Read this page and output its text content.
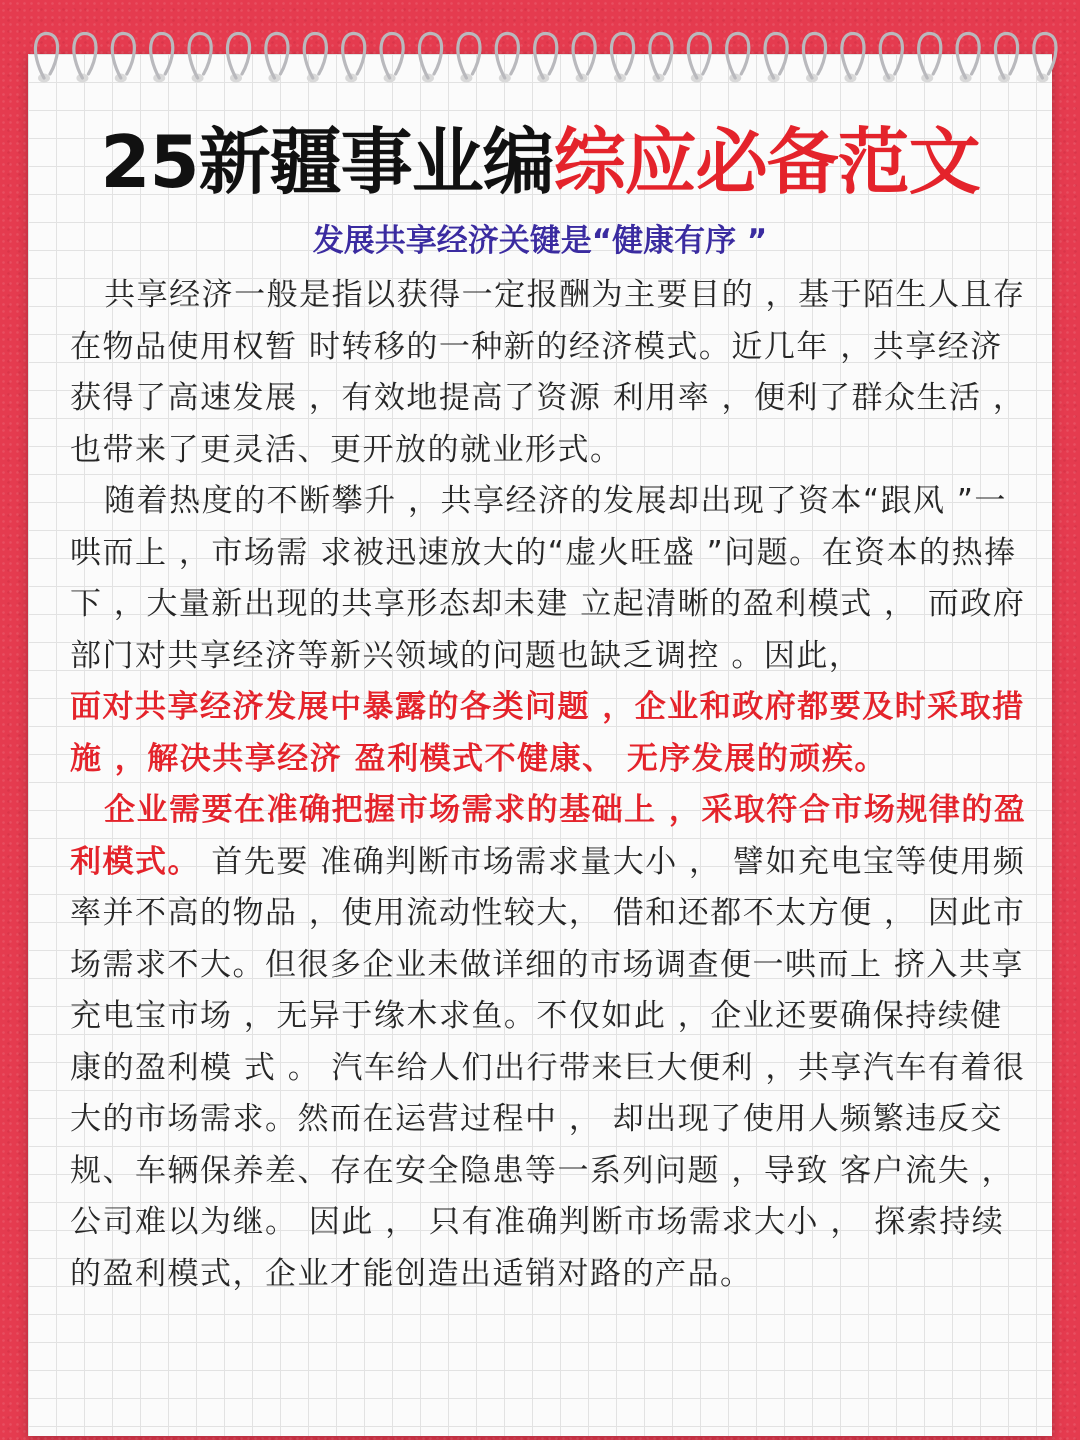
25新疆事业编综应必备范文
发展共享经济关键是“健康有序 ”

共享经济一般是指以获得一定报酬为主要目的 ，基于陌生人且存在物品使用权暂 时转移的一种新的经济模式。近几年 ，共享经济获得了高速发展 ，有效地提高了资源 利用率 ，便利了群众生活 ，也带来了更灵活、更开放的就业形式。

随着热度的不断攀升 ，共享经济的发展却出现了资本“跟风 ”一哄而上 ，市场需 求被迅速放大的“虚火旺盛 ”问题。在资本的热捧下 ，大量新出现的共享形态却未建 立起清晰的盈利模式 ， 而政府部门对共享经济等新兴领域的问题也缺乏调控 。因此，

面对共享经济发展中暴露的各类问题 ，企业和政府都要及时采取措施 ，解决共享经济 盈利模式不健康、 无序发展的顽疾。

企业需要在准确把握市场需求的基础上 ，采取符合市场规律的盈利模式。 首先要 准确判断市场需求量大小 ， 譬如充电宝等使用频率并不高的物品 ，使用流动性较大， 借和还都不太方便 ， 因此市场需求不大。但很多企业未做详细的市场调查便一哄而上 挤入共享充电宝市场 ，无异于缘木求鱼。不仅如此 ，企业还要确保持续健康的盈利模 式 。 汽车给人们出行带来巨大便利 ，共享汽车有着很大的市场需求。然而在运营过程中 ， 却出现了使用人频繁违反交规、车辆保养差、存在安全隐患等一系列问题 ，导致 客户流失 ， 公司难以为继。 因此 ， 只有准确判断市场需求大小 ， 探索持续的盈利模式，企业才能创造出适销对路的产品。
